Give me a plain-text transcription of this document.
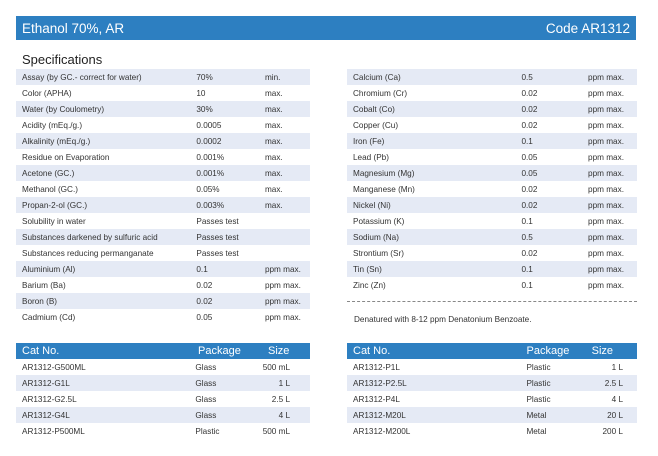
Ethanol 70%, AR	Code AR1312
Specifications
Assay (by GC.- correct for water)	70%	min.
Color (APHA)	10	max.
Water (by Coulometry)	30%	max.
Acidity (mEq./g.)	0.0005	max.
Alkalinity (mEq./g.)	0.0002	max.
Residue on Evaporation	0.001%	max.
Acetone (GC.)	0.001%	max.
Methanol (GC.)	0.05%	max.
Propan-2-ol (GC.)	0.003%	max.
Solubility in water	Passes test
Substances darkened by sulfuric acid	Passes test
Substances reducing permanganate	Passes test
Aluminium (Al)	0.1	ppm max.
Barium (Ba)	0.02	ppm max.
Boron (B)	0.02	ppm max.
Cadmium (Cd)	0.05	ppm max.
Calcium (Ca)	0.5	ppm max.
Chromium (Cr)	0.02	ppm max.
Cobalt (Co)	0.02	ppm max.
Copper (Cu)	0.02	ppm max.
Iron (Fe)	0.1	ppm max.
Lead (Pb)	0.05	ppm max.
Magnesium (Mg)	0.05	ppm max.
Manganese (Mn)	0.02	ppm max.
Nickel (Ni)	0.02	ppm max.
Potassium (K)	0.1	ppm max.
Sodium (Na)	0.5	ppm max.
Strontium (Sr)	0.02	ppm max.
Tin (Sn)	0.1	ppm max.
Zinc (Zn)	0.1	ppm max.
Denatured with 8-12 ppm Denatonium Benzoate.
Cat No.	Package	Size
AR1312-G500ML	Glass	500 mL
AR1312-G1L	Glass	1 L
AR1312-G2.5L	Glass	2.5 L
AR1312-G4L	Glass	4 L
AR1312-P500ML	Plastic	500 mL
Cat No.	Package	Size
AR1312-P1L	Plastic	1 L
AR1312-P2.5L	Plastic	2.5 L
AR1312-P4L	Plastic	4 L
AR1312-M20L	Metal	20 L
AR1312-M200L	Metal	200 L
